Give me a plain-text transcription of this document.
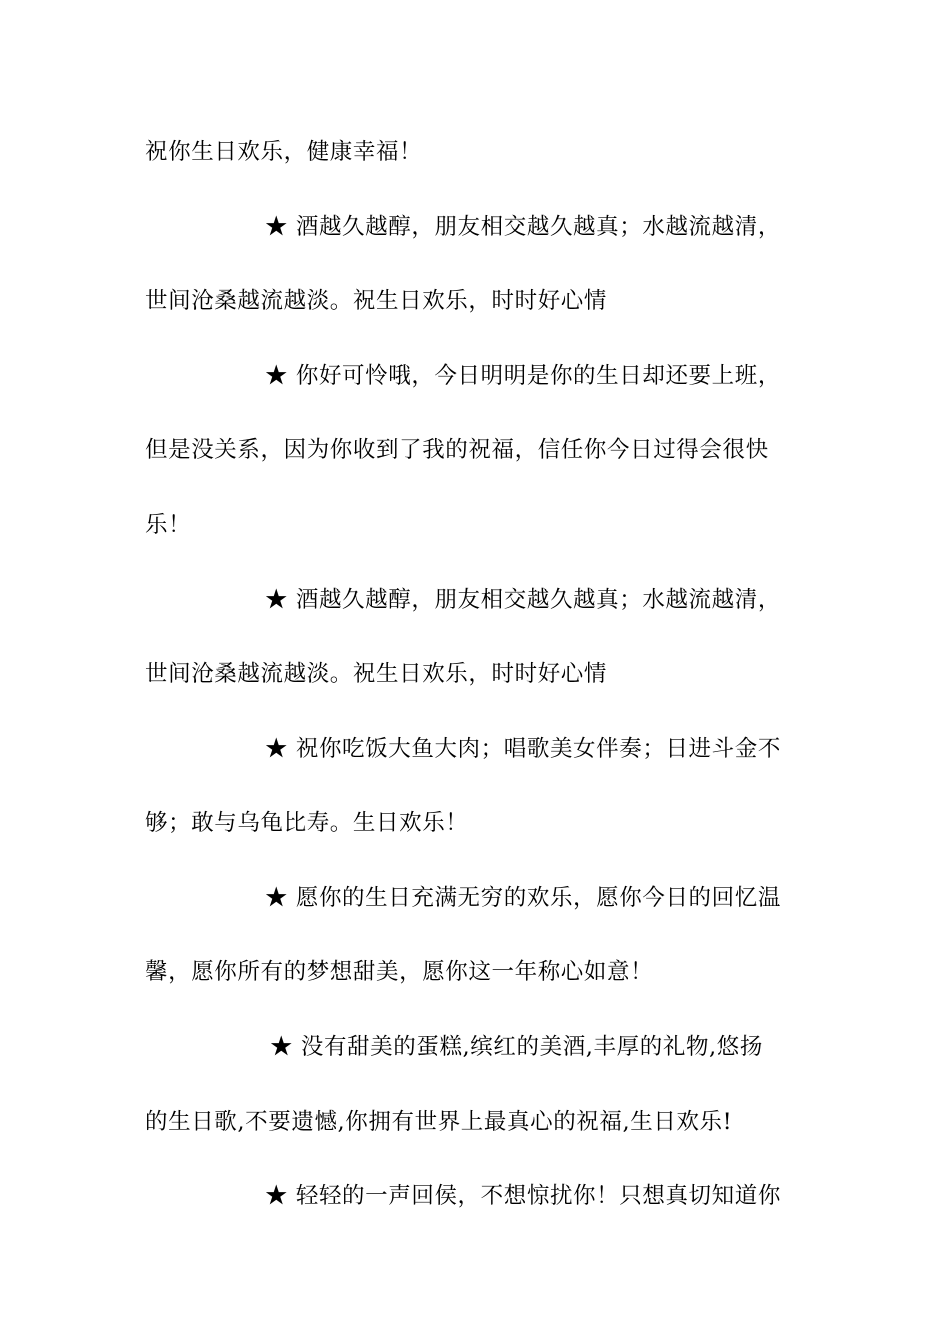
祝你生日欢乐，健康幸福！
★ 酒越久越醇，朋友相交越久越真；水越流越清，
世间沧桑越流越淡。祝生日欢乐，时时好心情
★ 你好可怜哦，今日明明是你的生日却还要上班，
但是没关系，因为你收到了我的祝福，信任你今日过得会很快
乐！
★ 酒越久越醇，朋友相交越久越真；水越流越清，
世间沧桑越流越淡。祝生日欢乐，时时好心情
★ 祝你吃饭大鱼大肉；唱歌美女伴奏；日进斗金不
够；敢与乌龟比寿。生日欢乐！
★ 愿你的生日充满无穷的欢乐，愿你今日的回忆温
馨，愿你所有的梦想甜美，愿你这一年称心如意！
★ 没有甜美的蛋糕,缤红的美酒,丰厚的礼物,悠扬
的生日歌,不要遗憾,你拥有世界上最真心的祝福,生日欢乐!
★ 轻轻的一声回侯，不想惊扰你！只想真切知道你
